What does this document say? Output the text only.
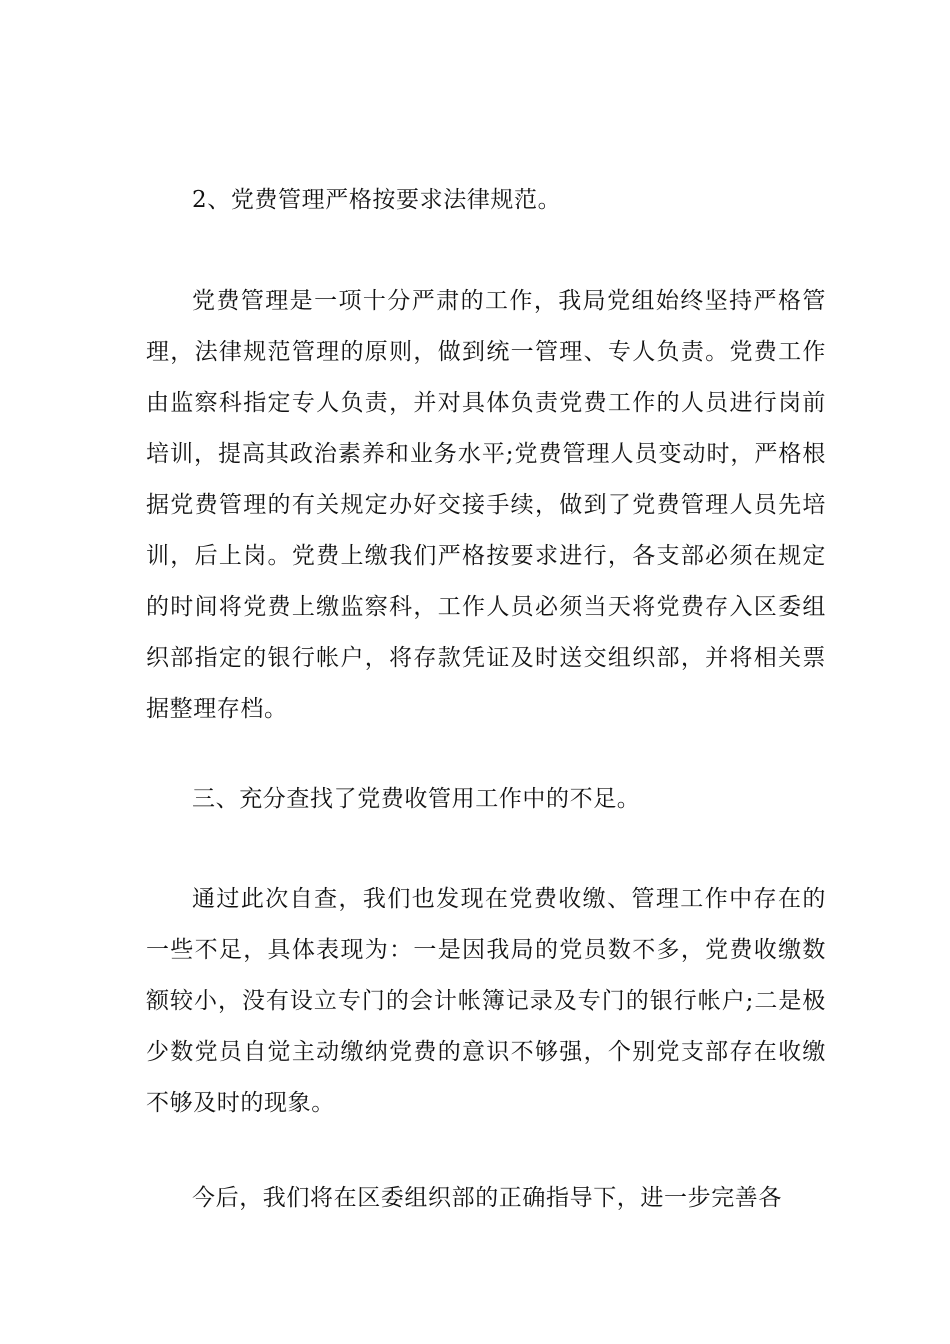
2、党费管理严格按要求法律规范。

党费管理是一项十分严肃的工作，我局党组始终坚持严格管理，法律规范管理的原则，做到统一管理、专人负责。党费工作由监察科指定专人负责，并对具体负责党费工作的人员进行岗前培训，提高其政治素养和业务水平;党费管理人员变动时，严格根据党费管理的有关规定办好交接手续，做到了党费管理人员先培训，后上岗。党费上缴我们严格按要求进行，各支部必须在规定的时间将党费上缴监察科，工作人员必须当天将党费存入区委组织部指定的银行帐户，将存款凭证及时送交组织部，并将相关票据整理存档。

三、充分查找了党费收管用工作中的不足。

通过此次自查，我们也发现在党费收缴、管理工作中存在的一些不足，具体表现为：一是因我局的党员数不多，党费收缴数额较小，没有设立专门的会计帐簿记录及专门的银行帐户;二是极少数党员自觉主动缴纳党费的意识不够强，个别党支部存在收缴不够及时的现象。

今后，我们将在区委组织部的正确指导下，进一步完善各
